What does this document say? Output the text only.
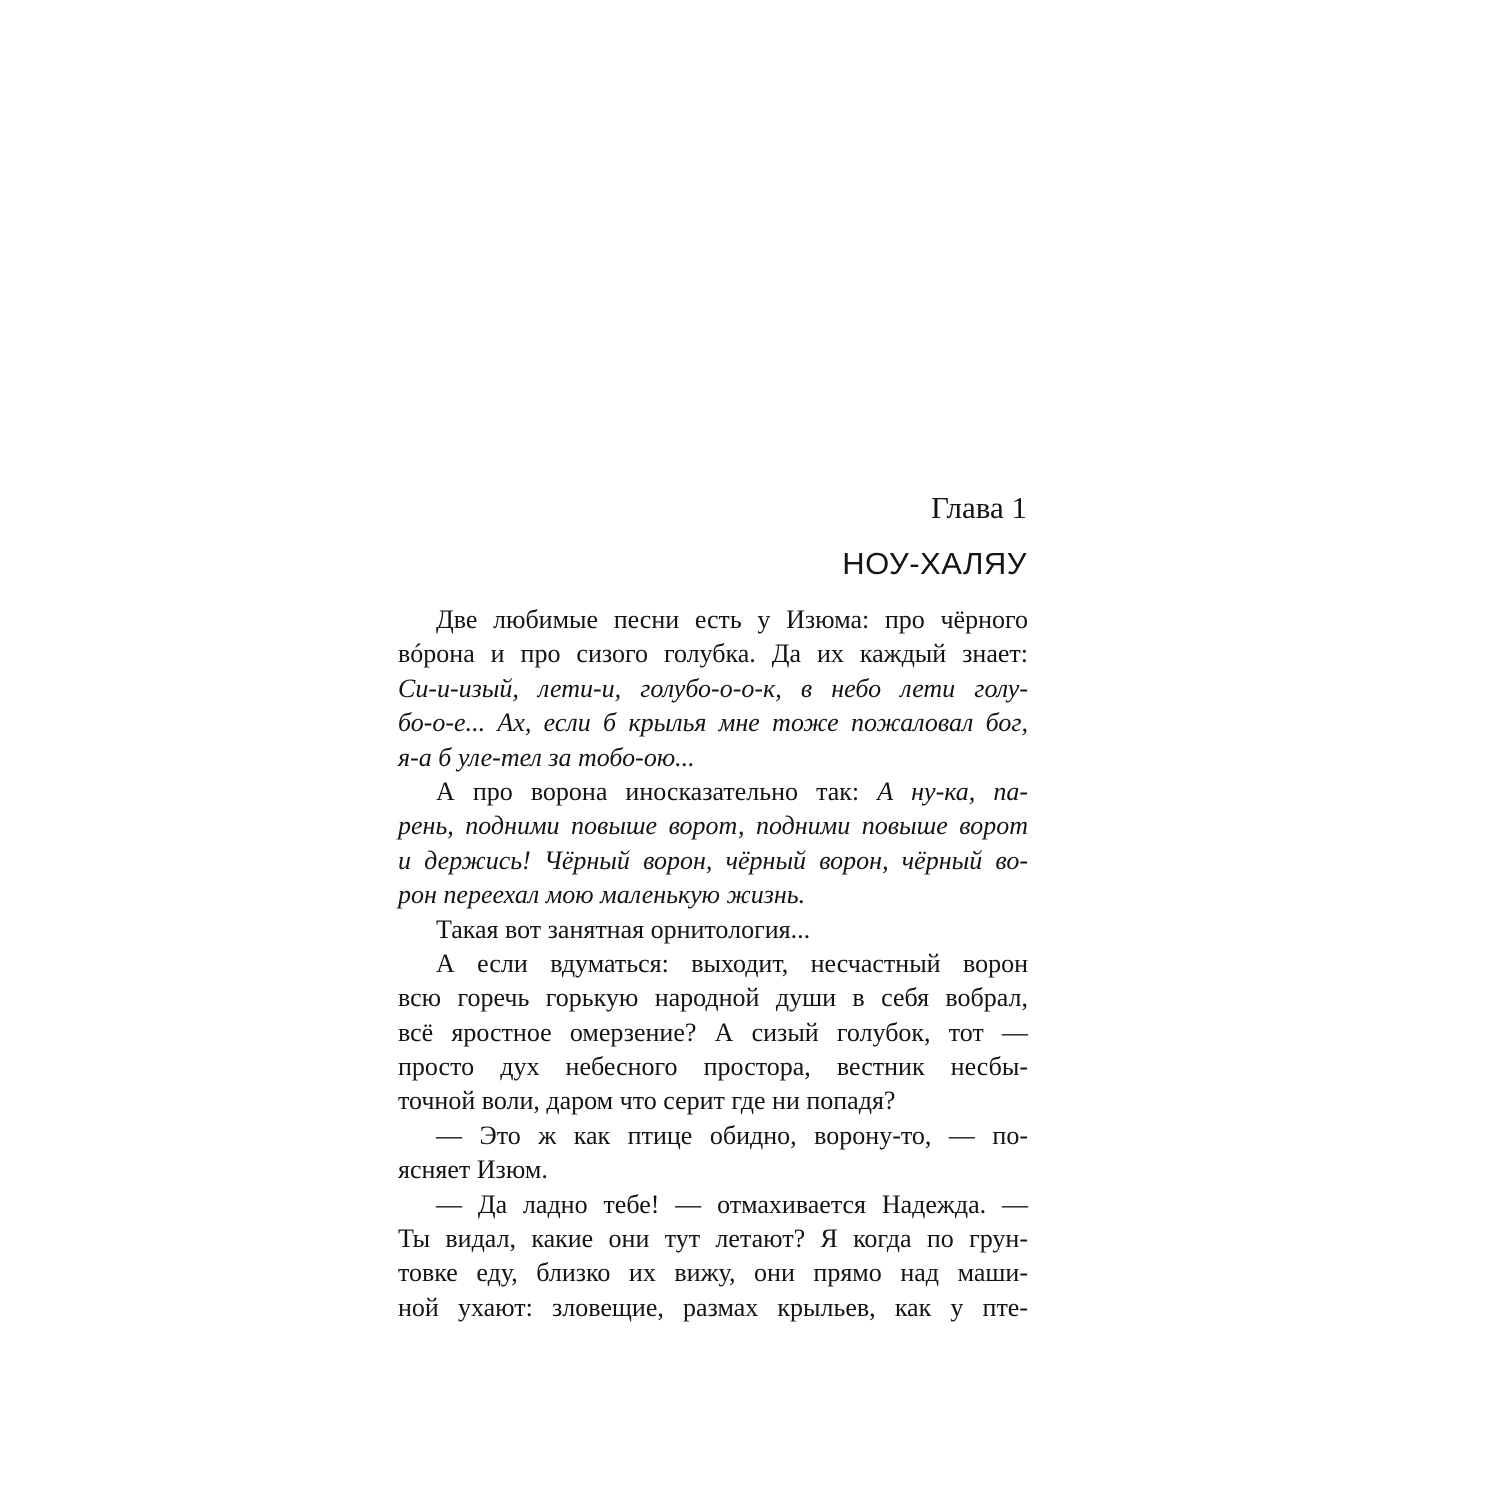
Глава 1
НОУ-ХАЛЯУ
Две любимые песни есть у Изюма: про чёрного
вóрона и про сизого голубка. Да их каждый знает:
Си-и-изый, лети-и, голубо-о-о-к, в небо лети голу-
бо-о-е... Ах, если б крылья мне тоже пожаловал бог,
я-а б уле-тел за тобо-ою...
А про ворона иносказательно так: А ну-ка, па-
рень, подними повыше ворот, подними повыше ворот
и держись! Чёрный ворон, чёрный ворон, чёрный во-
рон переехал мою маленькую жизнь.
Такая вот занятная орнитология...
А если вдуматься: выходит, несчастный ворон
всю горечь горькую народной души в себя вобрал,
всё яростное омерзение? А сизый голубок, тот —
просто дух небесного простора, вестник несбы-
точной воли, даром что серит где ни попадя?
— Это ж как птице обидно, ворону-то, — по-
ясняет Изюм.
— Да ладно тебе! — отмахивается Надежда. —
Ты видал, какие они тут летают? Я когда по грун-
товке еду, близко их вижу, они прямо над маши-
ной ухают: зловещие, размах крыльев, как у пте-
